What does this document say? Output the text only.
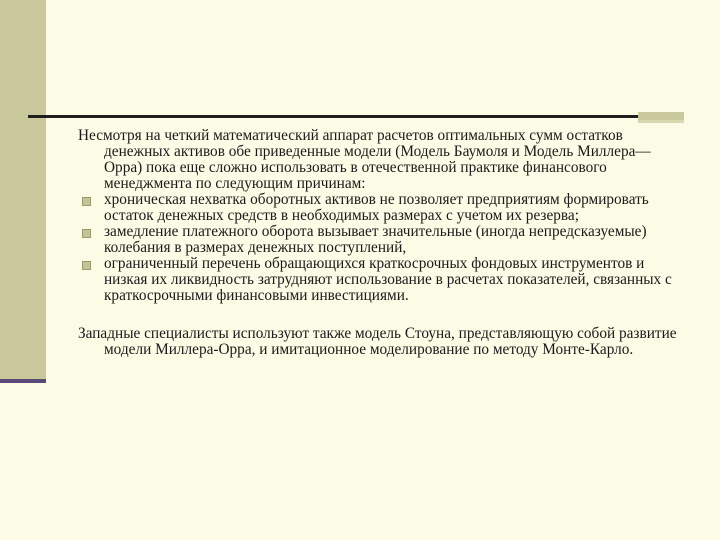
Несмотря на четкий математический аппарат расчетов оптимальных сумм остатков денежных активов обе приведенные модели (Модель Баумоля и Модель Миллера—Орра) пока еще сложно использовать в отечественной практике финансового менеджмента по следующим причинам:

хроническая нехватка оборотных активов не позволяет предприятиям формировать остаток денежных средств в необходимых размерах с учетом их резерва;
замедление платежного оборота вызывает значительные (иногда непредсказуемые) колебания в размерах денежных поступлений,
ограниченный перечень обращающихся краткосрочных фондовых инструментов и низкая их ликвидность затрудняют использование в расчетах показателей, связанных с краткосрочными финансовыми инвестициями.

Западные специалисты используют также модель Стоуна, представляющую собой развитие модели Миллера-Орра, и имитационное моделирование по методу Монте-Карло.
